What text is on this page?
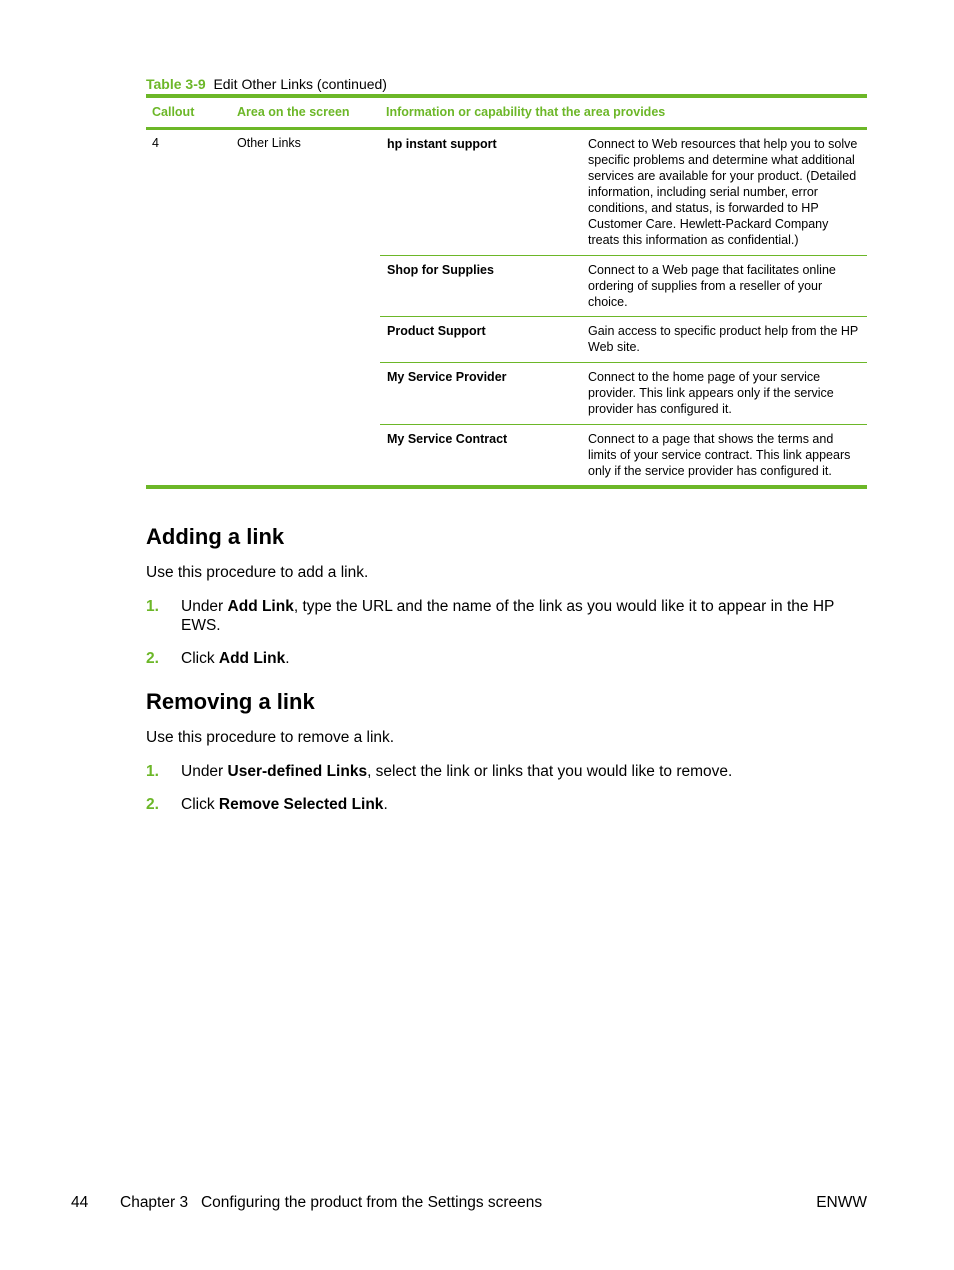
Table 3-9 Edit Other Links (continued)
Callout	Area on the screen	Information or capability that the area provides
4	Other Links	hp instant support	Connect to Web resources that help you to solve specific problems and determine what additional services are available for your product. (Detailed information, including serial number, error conditions, and status, is forwarded to HP Customer Care. Hewlett-Packard Company treats this information as confidential.)
Shop for Supplies	Connect to a Web page that facilitates online ordering of supplies from a reseller of your choice.
Product Support	Gain access to specific product help from the HP Web site.
My Service Provider	Connect to the home page of your service provider. This link appears only if the service provider has configured it.
My Service Contract	Connect to a page that shows the terms and limits of your service contract. This link appears only if the service provider has configured it.
Adding a link
Use this procedure to add a link.
1. Under Add Link, type the URL and the name of the link as you would like it to appear in the HP EWS.
2. Click Add Link.
Removing a link
Use this procedure to remove a link.
1. Under User-defined Links, select the link or links that you would like to remove.
2. Click Remove Selected Link.
44 Chapter 3   Configuring the product from the Settings screens	ENWW
